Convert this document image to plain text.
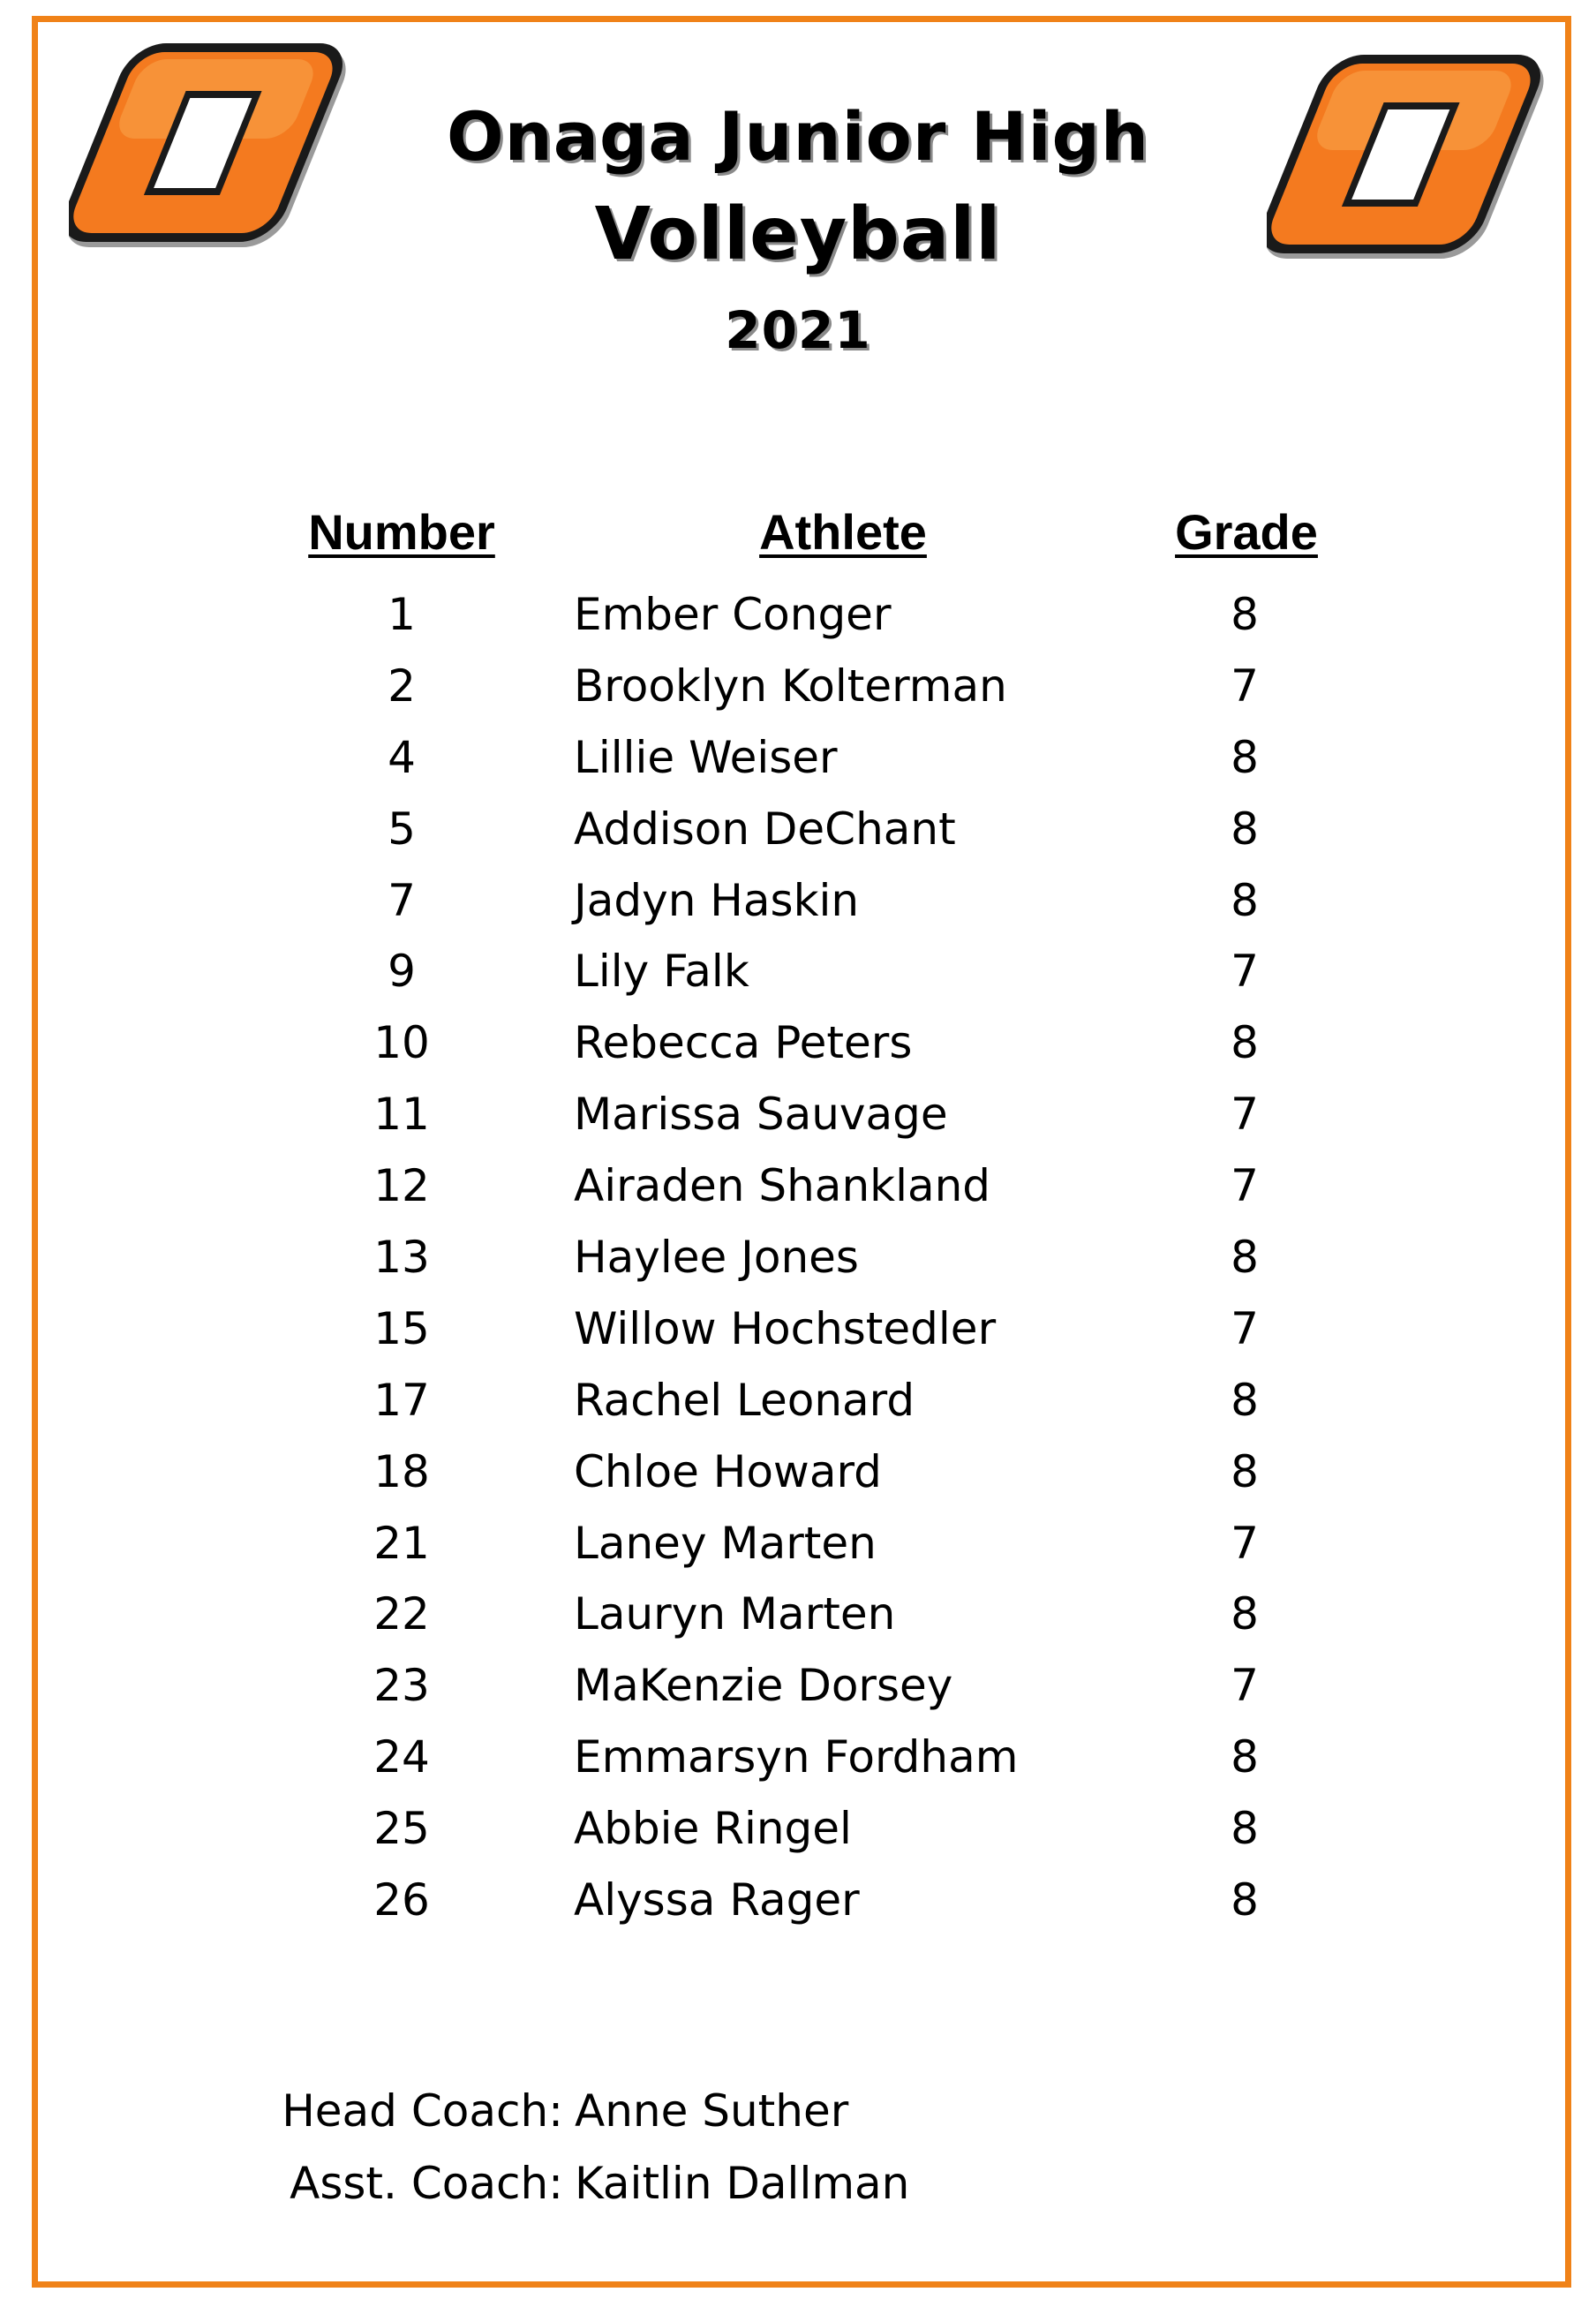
Onaga Junior High
Volleyball
2021
Number	Athlete	Grade
1	Ember Conger	8
2	Brooklyn Kolterman	7
4	Lillie Weiser	8
5	Addison DeChant	8
7	Jadyn Haskin	8
9	Lily Falk	7
10	Rebecca Peters	8
11	Marissa Sauvage	7
12	Airaden Shankland	7
13	Haylee Jones	8
15	Willow Hochstedler	7
17	Rachel Leonard	8
18	Chloe Howard	8
21	Laney Marten	7
22	Lauryn Marten	8
23	MaKenzie Dorsey	7
24	Emmarsyn Fordham	8
25	Abbie Ringel	8
26	Alyssa Rager	8
Head Coach: Anne Suther
Asst. Coach: Kaitlin Dallman
